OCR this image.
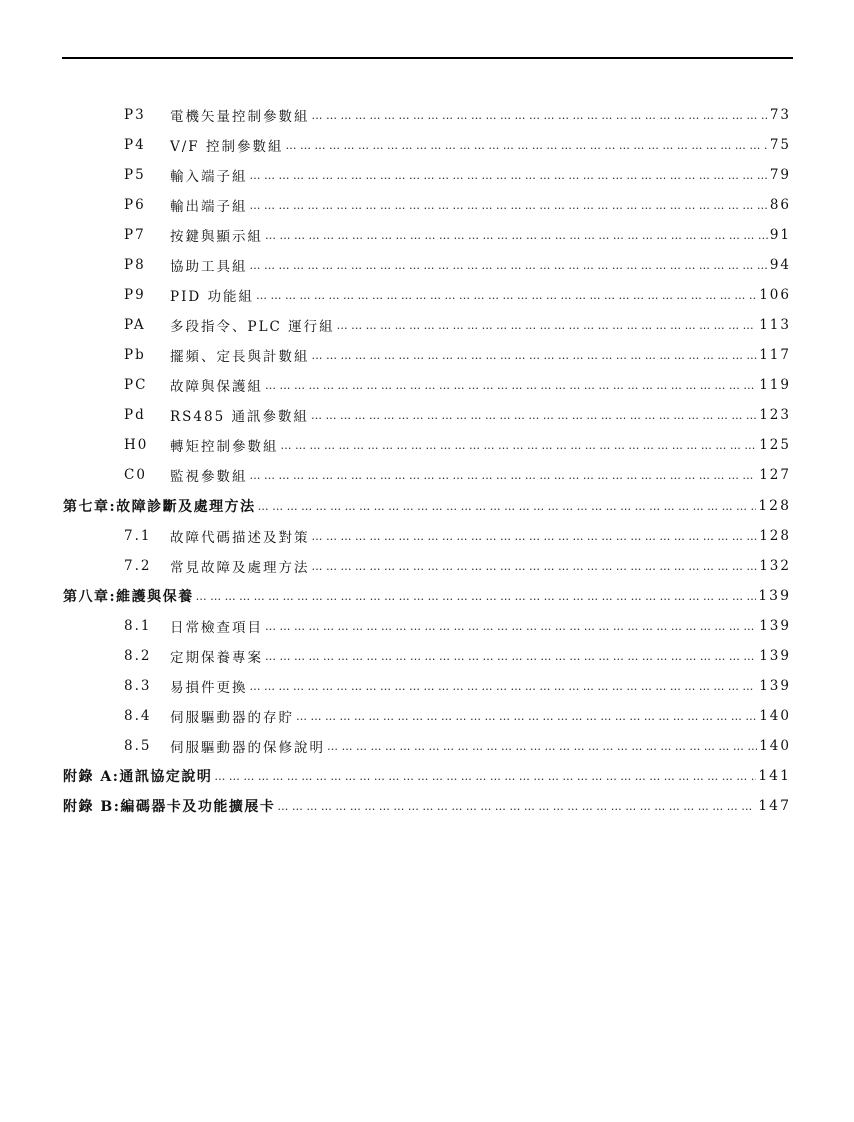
P3	電機矢量控制參數組 … … … … … … … … … … … … … … … … … … … … … … … … … … … … … … … … … … … … … … … … … … … … … … … … … … … … … … … … … … … …	73
P4	V/F 控制參數組 … … … … … … … … … … … … … … … … … … … … … … … … … … … … … … … … … … … … … … … … … … … … … … … … … … … … … … … … … … … …	75
P5	輸入端子組 … … … … … … … … … … … … … … … … … … … … … … … … … … … … … … … … … … … … … … … … … … … … … … … … … … … … … … … … … … … …	79
P6	輸出端子組 … … … … … … … … … … … … … … … … … … … … … … … … … … … … … … … … … … … … … … … … … … … … … … … … … … … … … … … … … … … …	86
P7	按鍵與顯示組 … … … … … … … … … … … … … … … … … … … … … … … … … … … … … … … … … … … … … … … … … … … … … … … … … … … … … … … … … … … …	91
P8	協助工具組 … … … … … … … … … … … … … … … … … … … … … … … … … … … … … … … … … … … … … … … … … … … … … … … … … … … … … … … … … … … …	94
P9	PID 功能組 … … … … … … … … … … … … … … … … … … … … … … … … … … … … … … … … … … … … … … … … … … … … … … … … … … … … … … … … … … … …	106
PA	多段指令、PLC 運行組 … … … … … … … … … … … … … … … … … … … … … … … … … … … … … … … … … … … … … … … … … … … … … … … … … … … … … … … … … … … …	113
Pb	擺頻、定長與計數組 … … … … … … … … … … … … … … … … … … … … … … … … … … … … … … … … … … … … … … … … … … … … … … … … … … … … … … … … … … … …	117
PC	故障與保護組 … … … … … … … … … … … … … … … … … … … … … … … … … … … … … … … … … … … … … … … … … … … … … … … … … … … … … … … … … … … …	119
Pd	RS485 通訊參數組 … … … … … … … … … … … … … … … … … … … … … … … … … … … … … … … … … … … … … … … … … … … … … … … … … … … … … … … … … … … …	123
H0	轉矩控制參數組 … … … … … … … … … … … … … … … … … … … … … … … … … … … … … … … … … … … … … … … … … … … … … … … … … … … … … … … … … … … …	125
C0	監視參數組 … … … … … … … … … … … … … … … … … … … … … … … … … … … … … … … … … … … … … … … … … … … … … … … … … … … … … … … … … … … …	127
第七章:故障診斷及處理方法 … … … … … … … … … … … … … … … … … … … … … … … … … … … … … … … … … … … … … … … … … … … … … … … … … … … … … … … … … … … …	128
7.1	故障代碼描述及對策 … … … … … … … … … … … … … … … … … … … … … … … … … … … … … … … … … … … … … … … … … … … … … … … … … … … … … … … … … … … …	128
7.2	常見故障及處理方法 … … … … … … … … … … … … … … … … … … … … … … … … … … … … … … … … … … … … … … … … … … … … … … … … … … … … … … … … … … … …	132
第八章:維護與保養 … … … … … … … … … … … … … … … … … … … … … … … … … … … … … … … … … … … … … … … … … … … … … … … … … … … … … … … … … … … …	139
8.1	日常檢查項目 … … … … … … … … … … … … … … … … … … … … … … … … … … … … … … … … … … … … … … … … … … … … … … … … … … … … … … … … … … … …	139
8.2	定期保養專案 … … … … … … … … … … … … … … … … … … … … … … … … … … … … … … … … … … … … … … … … … … … … … … … … … … … … … … … … … … … …	139
8.3	易損件更換 … … … … … … … … … … … … … … … … … … … … … … … … … … … … … … … … … … … … … … … … … … … … … … … … … … … … … … … … … … … …	139
8.4	伺服驅動器的存貯 … … … … … … … … … … … … … … … … … … … … … … … … … … … … … … … … … … … … … … … … … … … … … … … … … … … … … … … … … … … …	140
8.5	伺服驅動器的保修說明 … … … … … … … … … … … … … … … … … … … … … … … … … … … … … … … … … … … … … … … … … … … … … … … … … … … … … … … … … … … …	140
附錄 A:通訊協定說明 … … … … … … … … … … … … … … … … … … … … … … … … … … … … … … … … … … … … … … … … … … … … … … … … … … … … … … … … … … … …	141
附錄 B:編碼器卡及功能擴展卡 … … … … … … … … … … … … … … … … … … … … … … … … … … … … … … … … … … … … … … … … … … … … … … … … … … … … … … … … … … … …	147
